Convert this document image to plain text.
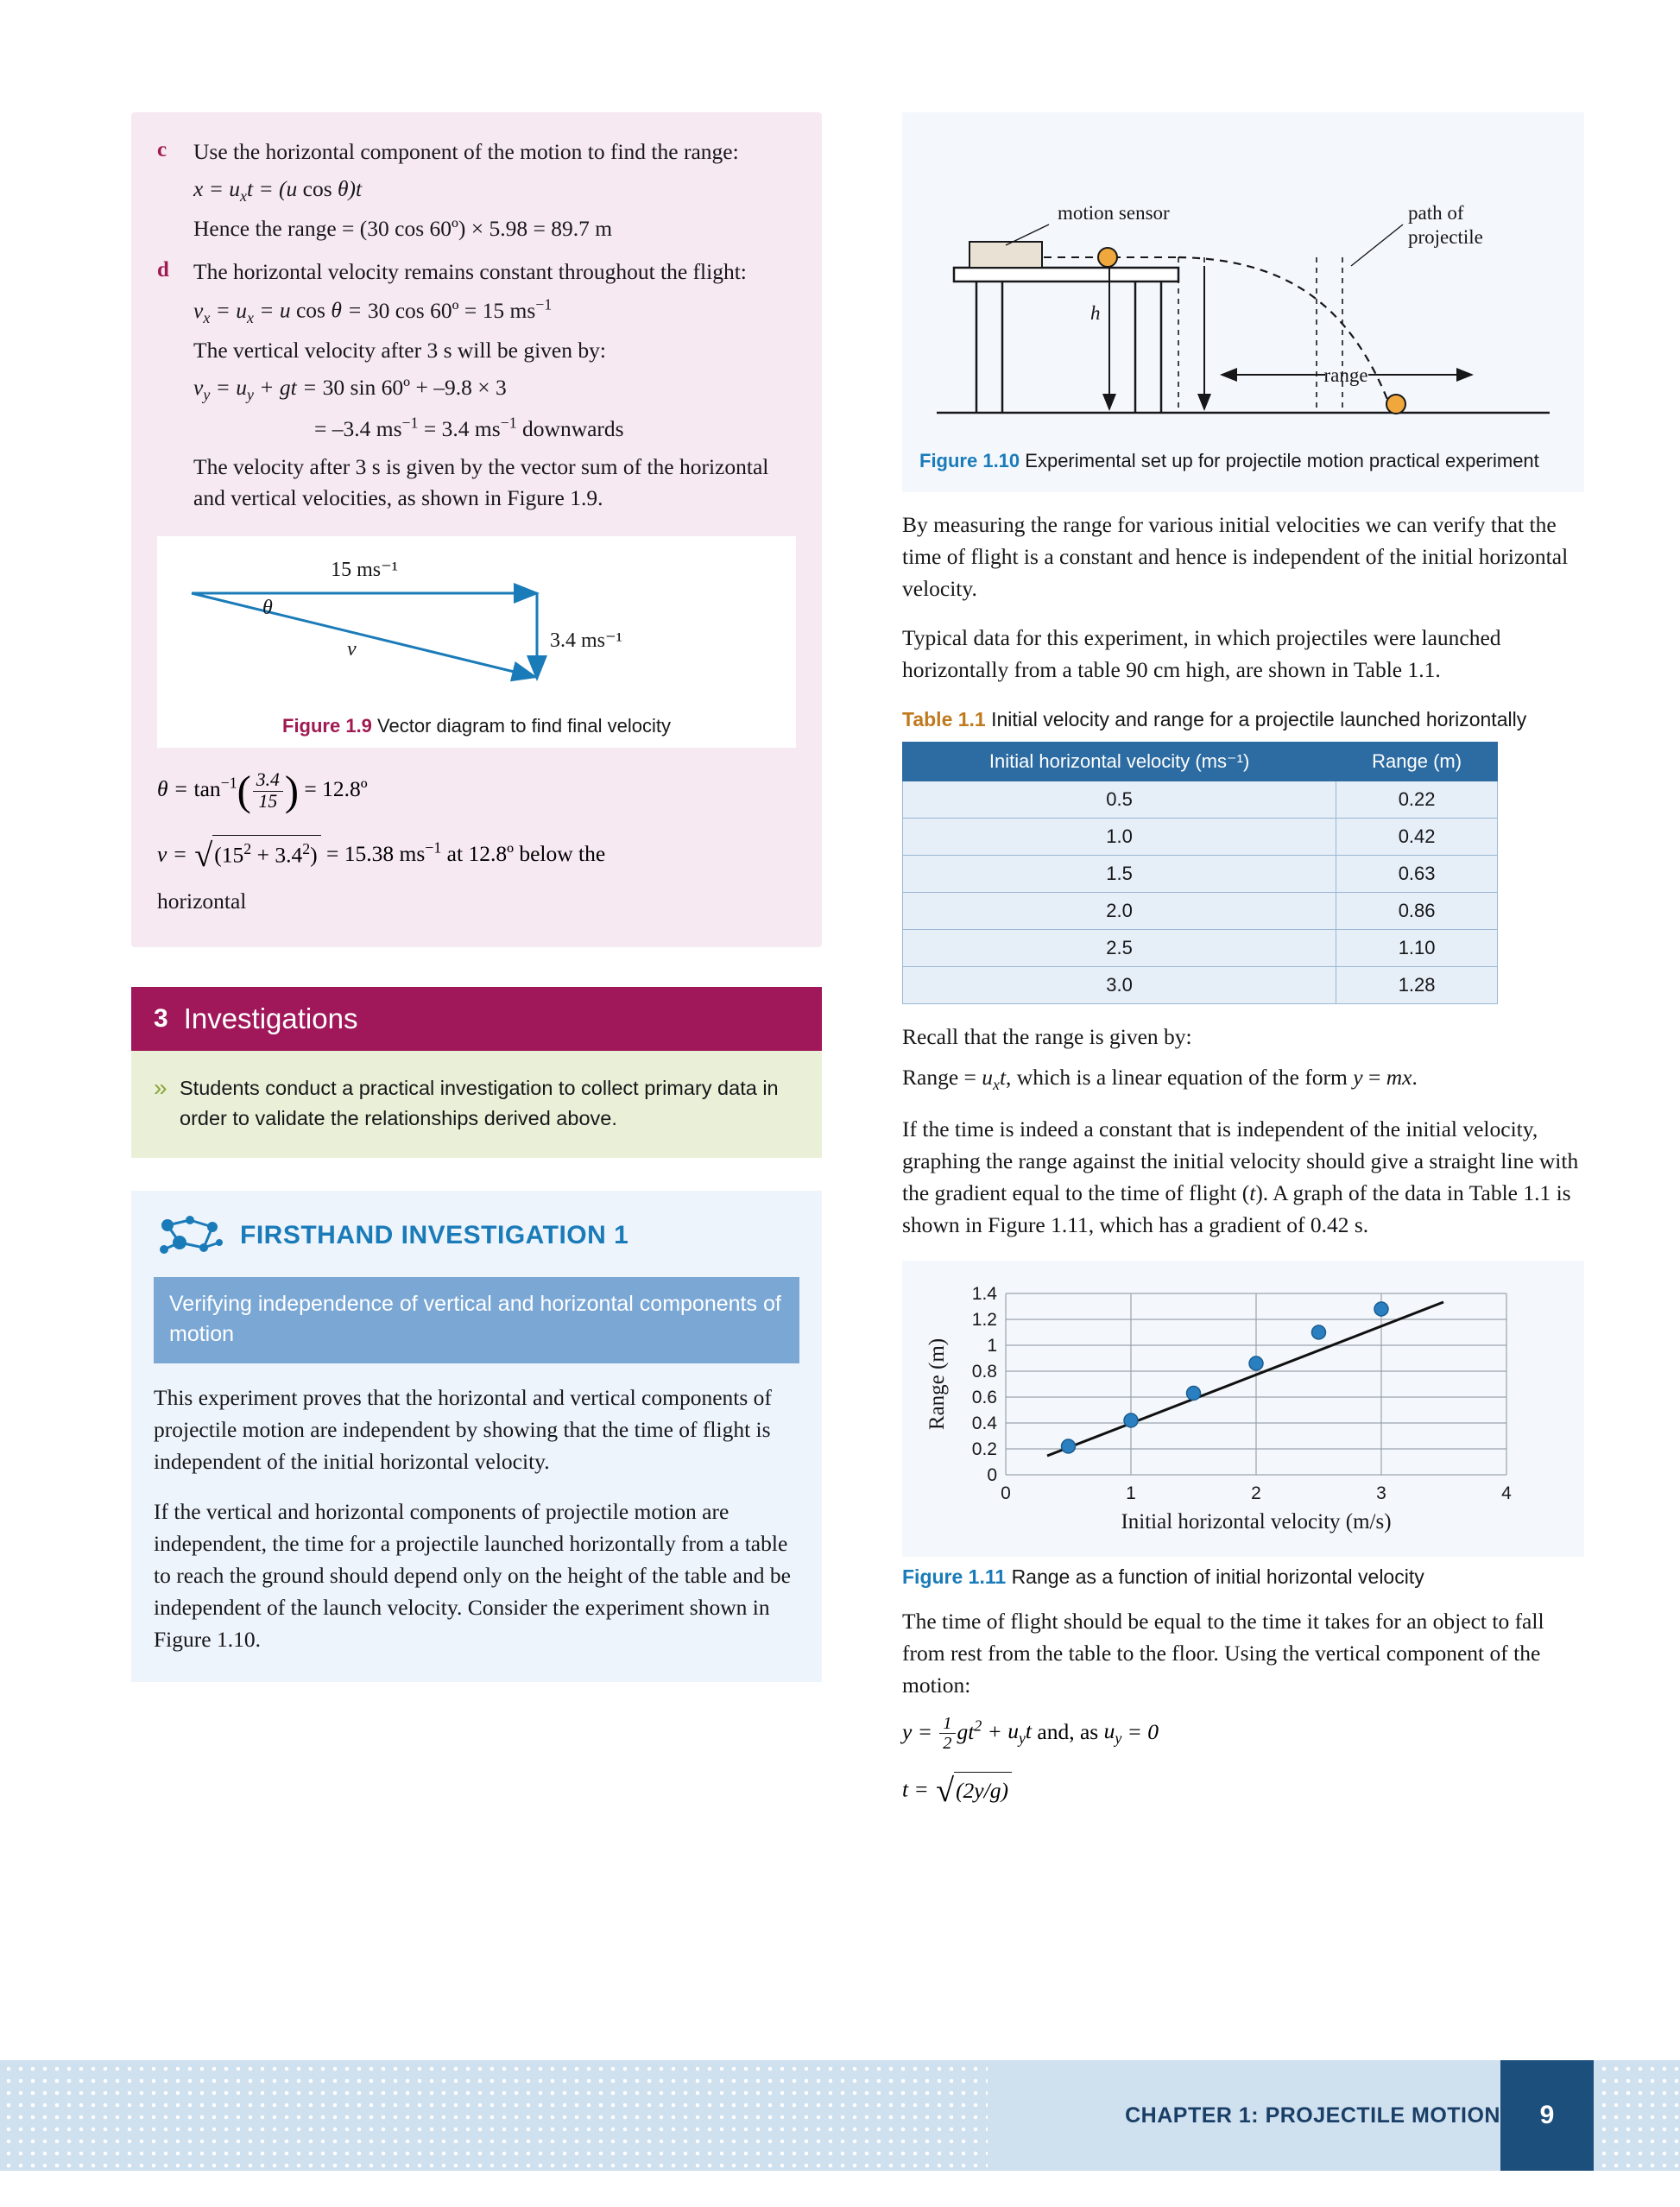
c	Use the horizontal component of the motion to find the range:
$x = u_xt = (u$ cos θ)t
Hence the range = (30 cos 60º) × 5.98 = 89.7 m
d	The horizontal velocity remains constant throughout the flight:
$v_x = u_x = u$ cos θ = 30 cos 60º = 15 $ms^{-1}$
The vertical velocity after 3 s will be given by:
$v_y = u_y$ + gt = 30 sin 60º + –9.8 × 3
= –3.4 $ms^{-1} = 3.4$ $ms^{-1}$ downwards
The velocity after 3 s is given by the vector sum of the horizontal and vertical velocities, as shown in Figure 1.9.
15 ms⁻¹
3.4 ms⁻¹
θ
v
Figure 1.9 Vector diagram to find final velocity
$\theta = \tan^{-1}( \frac{3.4}{15}$ ) = 12.8º
$v = √(15^2 + 3.4^2) = 15.38$ $ms^{-1}$ at 12.8º below the
horizontal
3 Investigations
» Students conduct a practical investigation to collect primary data in order to validate the relationships derived above.
FIRSTHAND INVESTIGATION 1
Verifying independence of vertical and horizontal components of motion

This experiment proves that the horizontal and vertical components of projectile motion are independent by showing that the time of flight is independent of the initial horizontal velocity.

If the vertical and horizontal components of projectile motion are independent, the time for a projectile launched horizontally from a table to reach the ground should depend only on the height of the table and be independent of the launch velocity. Consider the experiment shown in Figure 1.10.

h
range
motion sensor	path of
projectile
Figure 1.10 Experimental set up for projectile motion practical experiment

By measuring the range for various initial velocities we can verify that the time of flight is a constant and hence is independent of the initial horizontal velocity.

Typical data for this experiment, in which projectiles were launched horizontally from a table 90 cm high, are shown in Table 1.1.

Table 1.1 Initial velocity and range for a projectile launched horizontally
Initial horizontal velocity (ms⁻¹)	Range (m)
0.5	0.22
1.0	0.42
1.5	0.63
2.0	0.86
2.5	1.10
3.0	1.28

Recall that the range is given by:

Range = $u_xt$, which is a linear equation of the form y = mx.

If the time is indeed a constant that is independent of the initial velocity, graphing the range against the initial velocity should give a straight line with the gradient equal to the time of flight (t). A graph of the data in Table 1.1 is shown in Figure 1.11, which has a gradient of 0.42 s.

0
0.2
0.4
0.6
0.8
1
1.2
1.4
0	1	2	3	4
Initial horizontal velocity (m/s)
Range (m)
Figure 1.11 Range as a function of initial horizontal velocity

The time of flight should be equal to the time it takes for an object to fall from rest from the table to the floor. Using the vertical component of the motion:

$y = \frac{1}{2} gt^2 + u_yt$ and, as $u_y = 0$
t = √(2y/g)
CHAPTER 1: PROJECTILE MOTION	9
